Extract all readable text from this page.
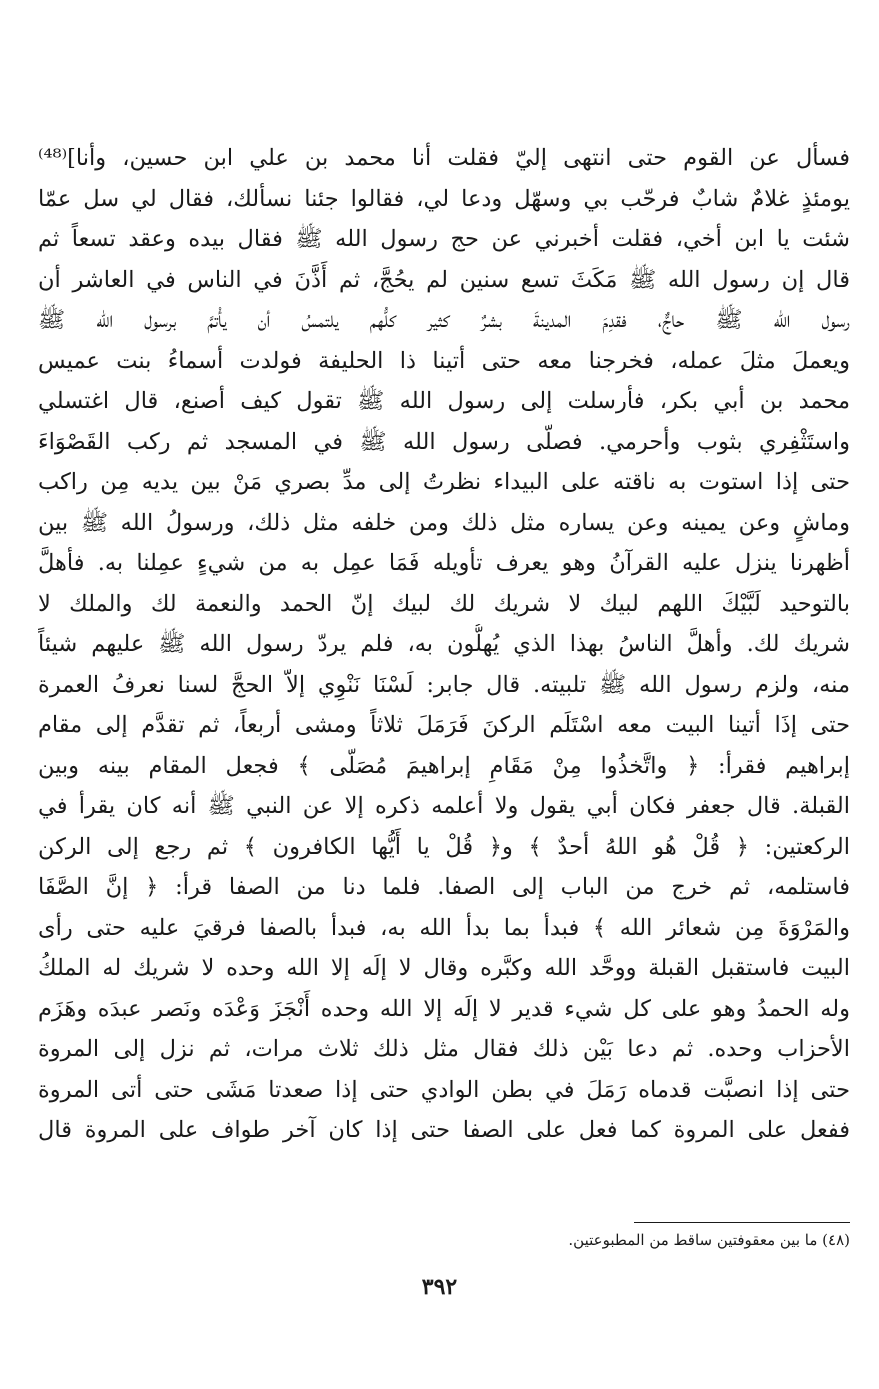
فسأل عن القوم حتى انتهى إليّ فقلت أنا محمد بن علي ابن حسين، وأنا]⁽⁴⁸⁾
يومئذٍ غلامٌ شابٌ فرحّب بي وسهّل ودعا لي، فقالوا جئنا نسألك، فقال لي سل عمّا
شئت يا ابن أخي، فقلت أخبرني عن حج رسول الله ﷺ فقال بيده وعقد تسعاً ثم
قال إن رسول الله ﷺ مَكَثَ تسع سنين لم يحُجَّ، ثم أَذَّنَ في الناس في العاشر أن
رسول الله ﷺ حاجٌّ، فقدِمَ المدينةَ بشرٌ كثير كلُّهم يلتمسُ أن يأْتمَّ برسول الله ﷺ
ويعملَ مثلَ عمله، فخرجنا معه حتى أتينا ذا الحليفة فولدت أسماءُ بنت عميس
محمد بن أبي بكر، فأرسلت إلى رسول الله ﷺ تقول كيف أصنع، قال اغتسلي
واستَثْفِري بثوب وأحرمي. فصلّى رسول الله ﷺ في المسجد ثم ركب القَصْوَاءَ
حتى إذا استوت به ناقته على البيداء نظرتُ إلى مدِّ بصري مَنْ بين يديه مِن راكب
وماشٍ وعن يمينه وعن يساره مثل ذلك ومن خلفه مثل ذلك، ورسولُ الله ﷺ بين
أظهرنا ينزل عليه القرآنُ وهو يعرف تأويله فَمَا عمِل به من شيءٍ عمِلنا به. فأهلَّ
بالتوحيد لَبَّيْكَ اللهم لبيك لا شريك لك لبيك إنّ الحمد والنعمة لك والملك لا
شريك لك. وأهلَّ الناسُ بهذا الذي يُهلُّون به، فلم يردّ رسول الله ﷺ عليهم شيئاً
منه، ولزم رسول الله ﷺ تلبيته. قال جابر: لَسْنَا نَنْوِي إلاّ الحجَّ لسنا نعرفُ العمرة
حتى إذَا أتينا البيت معه اسْتَلَم الركنَ فَرَمَلَ ثلاثاً ومشى أربعاً، ثم تقدَّم إلى مقام
إبراهيم فقرأ: ﴿ واتَّخذُوا مِنْ مَقَامِ إبراهيمَ مُصَلّى ﴾ فجعل المقام بينه وبين
القبلة. قال جعفر فكان أبي يقول ولا أعلمه ذكره إلا عن النبي ﷺ أنه كان يقرأ في
الركعتين: ﴿ قُلْ هُو اللهُ أحدٌ ﴾ و﴿ قُلْ يا أَيُّها الكافرون ﴾ ثم رجع إلى الركن
فاستلمه، ثم خرج من الباب إلى الصفا. فلما دنا من الصفا قرأ: ﴿ إنَّ الصَّفَا
والمَرْوَةَ مِن شعائر الله ﴾ فبدأ بما بدأ الله به، فبدأ بالصفا فرقيَ عليه حتى رأى
البيت فاستقبل القبلة ووحَّد الله وكبَّره وقال لا إلَه إلا الله وحده لا شريك له الملكُ
وله الحمدُ وهو على كل شيء قدير لا إلَه إلا الله وحده أَنْجَزَ وَعْدَه ونَصر عبدَه وهَزَم
الأحزاب وحده. ثم دعا بَيْن ذلك فقال مثل ذلك ثلاث مرات، ثم نزل إلى المروة
حتى إذا انصبَّت قدماه رَمَلَ في بطن الوادي حتى إذا صعدتا مَشَى حتى أتى المروة
ففعل على المروة كما فعل على الصفا حتى إذا كان آخر طواف على المروة قال
(٤٨) ما بين معقوفتين ساقط من المطبوعتين.
٣٩٢
